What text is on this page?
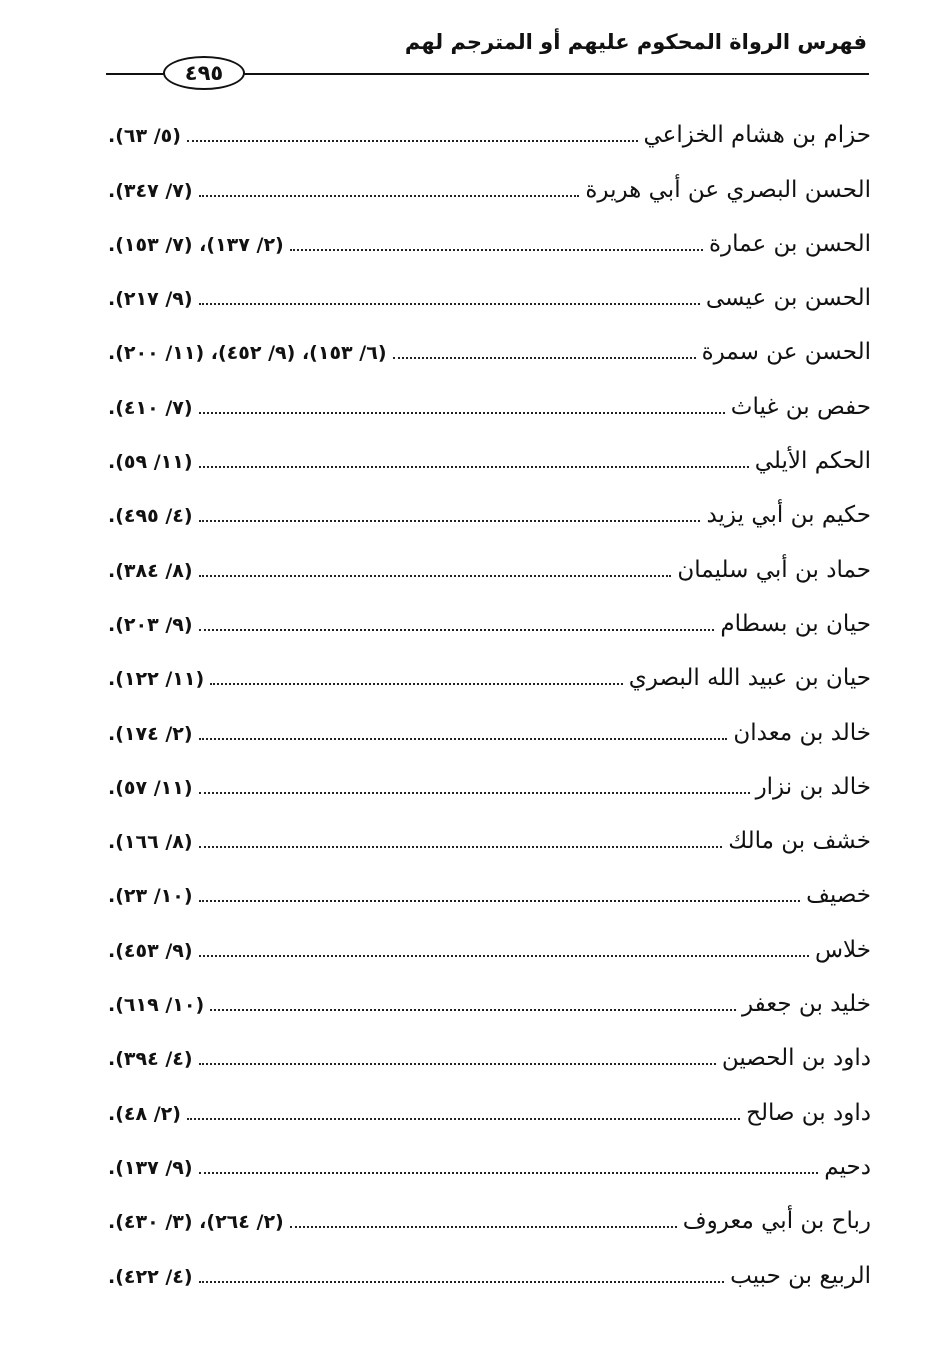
فهرس الرواة المحكوم عليهم أو المترجم لهم
٤٩٥
حزام بن هشام الخزاعي
(٥/ ٦٣).
الحسن البصري عن أبي هريرة
(٧/ ٣٤٧).
الحسن بن عمارة
(٢/ ١٣٧)، (٧/ ١٥٣).
الحسن بن عيسى
(٩/ ٢١٧).
الحسن عن سمرة
(٦/ ١٥٣)، (٩/ ٤٥٢)، (١١/ ٢٠٠).
حفص بن غياث
(٧/ ٤١٠).
الحكم الأيلي
(١١/ ٥٩).
حكيم بن أبي يزيد
(٤/ ٤٩٥).
حماد بن أبي سليمان
(٨/ ٣٨٤).
حيان بن بسطام
(٩/ ٢٠٣).
حيان بن عبيد الله البصري
(١١/ ١٢٢).
خالد بن معدان
(٢/ ١٧٤).
خالد بن نزار
(١١/ ٥٧).
خشف بن مالك
(٨/ ١٦٦).
خصيف
(١٠/ ٢٣).
خلاس
(٩/ ٤٥٣).
خليد بن جعفر
(١٠/ ٦١٩).
داود بن الحصين
(٤/ ٣٩٤).
داود بن صالح
(٢/ ٤٨).
دحيم
(٩/ ١٣٧).
رباح بن أبي معروف
(٢/ ٢٦٤)، (٣/ ٤٣٠).
الربيع بن حبيب
(٤/ ٤٢٢).
